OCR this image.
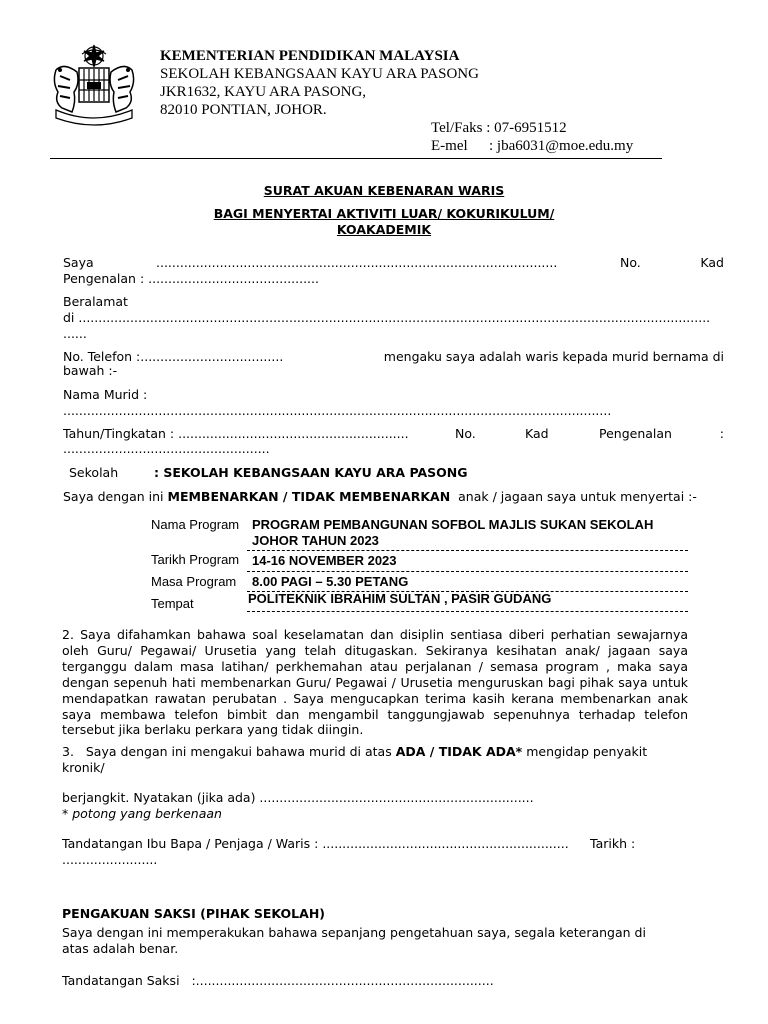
KEMENTERIAN PENDIDIKAN MALAYSIA
SEKOLAH KEBANGSAAN KAYU ARA PASONG
JKR1632, KAYU ARA PASONG,
82010 PONTIAN, JOHOR.
Tel/Faks : 07-6951512
E-mel : jba6031@moe.edu.my
SURAT AKUAN KEBENARAN WARIS
BAGI MENYERTAI AKTIVITI LUAR/ KOKURIKULUM/
KOAKADEMIK
Saya	.....................................................................................................	No.	Kad
Pengenalan : ...........................................
Beralamat
di ...............................................................................................................................................................
......
No. Telefon :....................................	mengaku saya adalah waris kepada murid bernama di
bawah :-
Nama Murid :
..........................................................................................................................................
Tahun/Tingkatan : ..........................................................	No.	Kad	Pengenalan	:
....................................................
Sekolah	: SEKOLAH KEBANGSAAN KAYU ARA PASONG
Saya dengan ini MEMBENARKAN / TIDAK MEMBENARKAN  anak / jagaan saya untuk menyertai :-
Nama Program PROGRAM PEMBANGUNAN SOFBOL MAJLIS SUKAN SEKOLAH JOHOR TAHUN 2023
Tarikh Program 14-16 NOVEMBER 2023
Masa Program	8.00 PAGI – 5.30 PETANG
Tempat	POLITEKNIK IBRAHIM SULTAN , PASIR GUDANG
2. Saya difahamkan bahawa soal keselamatan dan disiplin sentiasa diberi perhatian sewajarnya oleh Guru/ Pegawai/ Urusetia yang telah ditugaskan. Sekiranya kesihatan anak/ jagaan saya terganggu dalam masa latihan/ perkhemahan atau perjalanan / semasa program , maka saya dengan sepenuh hati membenarkan Guru/ Pegawai / Urusetia menguruskan bagi pihak saya untuk mendapatkan rawatan perubatan . Saya mengucapkan terima kasih kerana membenarkan anak saya membawa telefon bimbit dan mengambil tanggungjawab sepenuhnya terhadap telefon tersebut jika berlaku perkara yang tidak diingin.
3.   Saya dengan ini mengakui bahawa murid di atas ADA / TIDAK ADA* mengidap penyakit kronik/
berjangkit. Nyatakan (jika ada) .....................................................................
* potong yang berkenaan
Tandatangan Ibu Bapa / Penjaga / Waris : .............................................................. Tarikh :
........................
PENGAKUAN SAKSI (PIHAK SEKOLAH)
Saya dengan ini memperakukan bahawa sepanjang pengetahuan saya, segala keterangan di atas adalah benar.
Tandatangan Saksi   :...........................................................................
